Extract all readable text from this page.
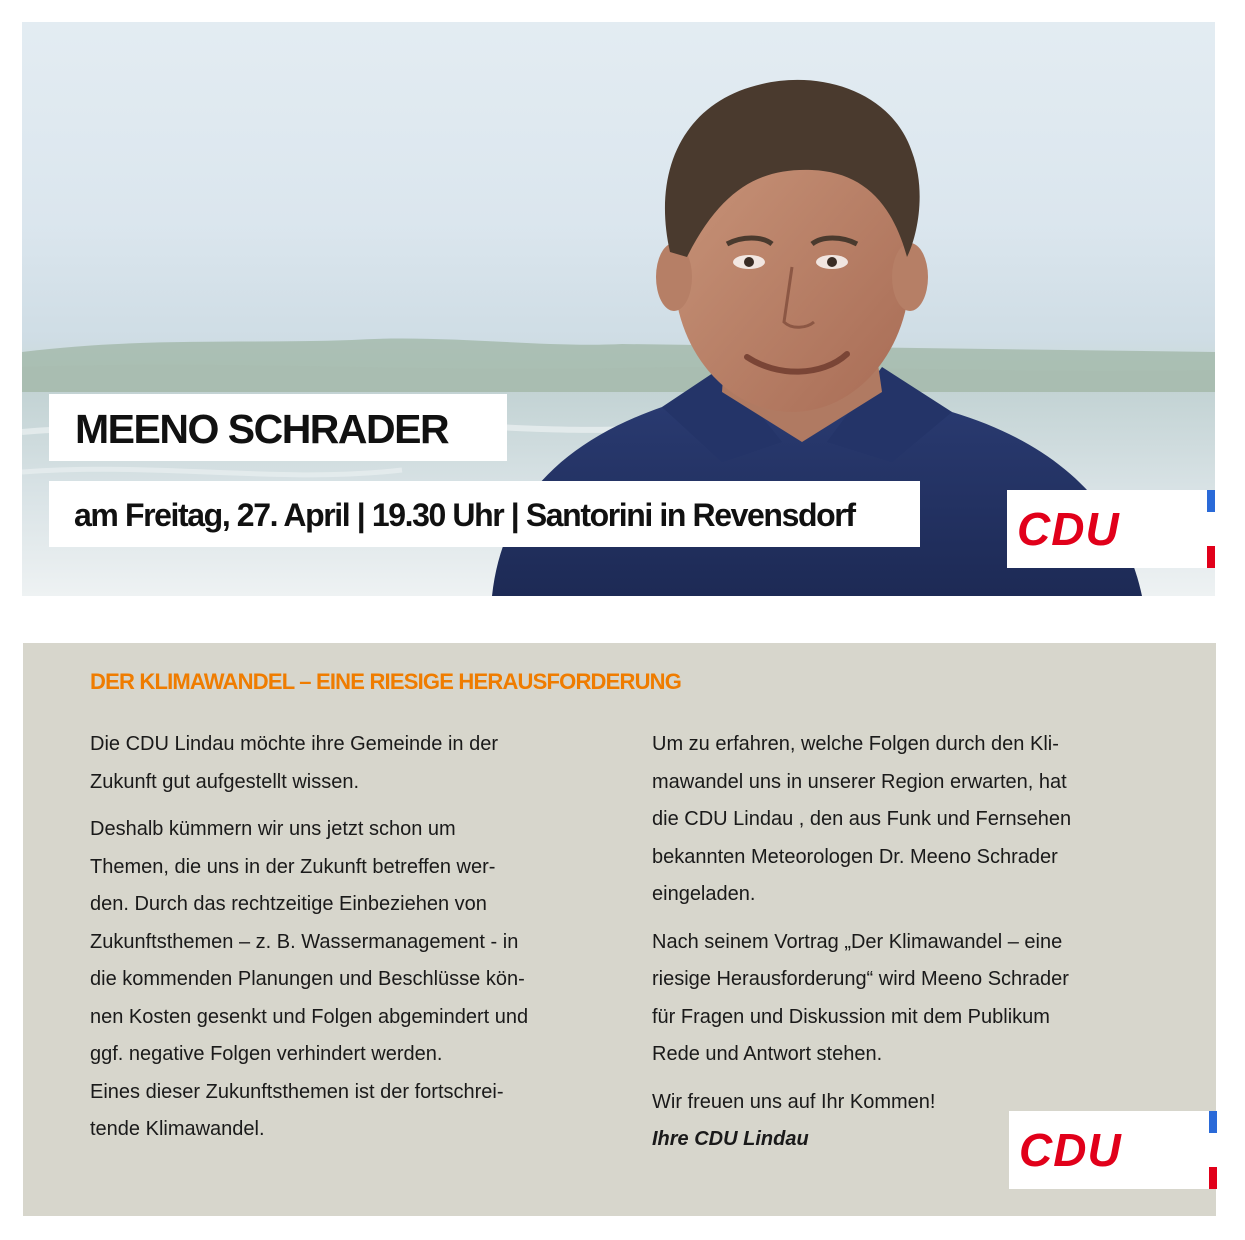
MEENO SCHRADER
am Freitag, 27. April | 19.30 Uhr | Santorini in Revensdorf	CDU
DER KLIMAWANDEL – EINE RIESIGE HERAUSFORDERUNG

Die CDU Lindau möchte ihre Gemeinde in der

Zukunft gut aufgestellt wissen.

Deshalb kümmern wir uns jetzt schon um

Themen, die uns in der Zukunft betreffen wer-

den. Durch das rechtzeitige Einbeziehen von

Zukunftsthemen – z. B. Wassermanagement - in

die kommenden Planungen und Beschlüsse kön-

nen Kosten gesenkt und Folgen abgemindert und

ggf. negative Folgen verhindert werden.

Eines dieser Zukunftsthemen ist der fortschrei-

tende Klimawandel.

Um zu erfahren, welche Folgen durch den Kli-

mawandel uns in unserer Region erwarten, hat

die CDU Lindau , den aus Funk und Fernsehen

bekannten Meteorologen Dr. Meeno Schrader

eingeladen.

Nach seinem Vortrag „Der Klimawandel – eine

riesige Herausforderung“ wird Meeno Schrader

für Fragen und Diskussion mit dem Publikum

Rede und Antwort stehen.

Wir freuen uns auf Ihr Kommen!

Ihre CDU Lindau	CDU
